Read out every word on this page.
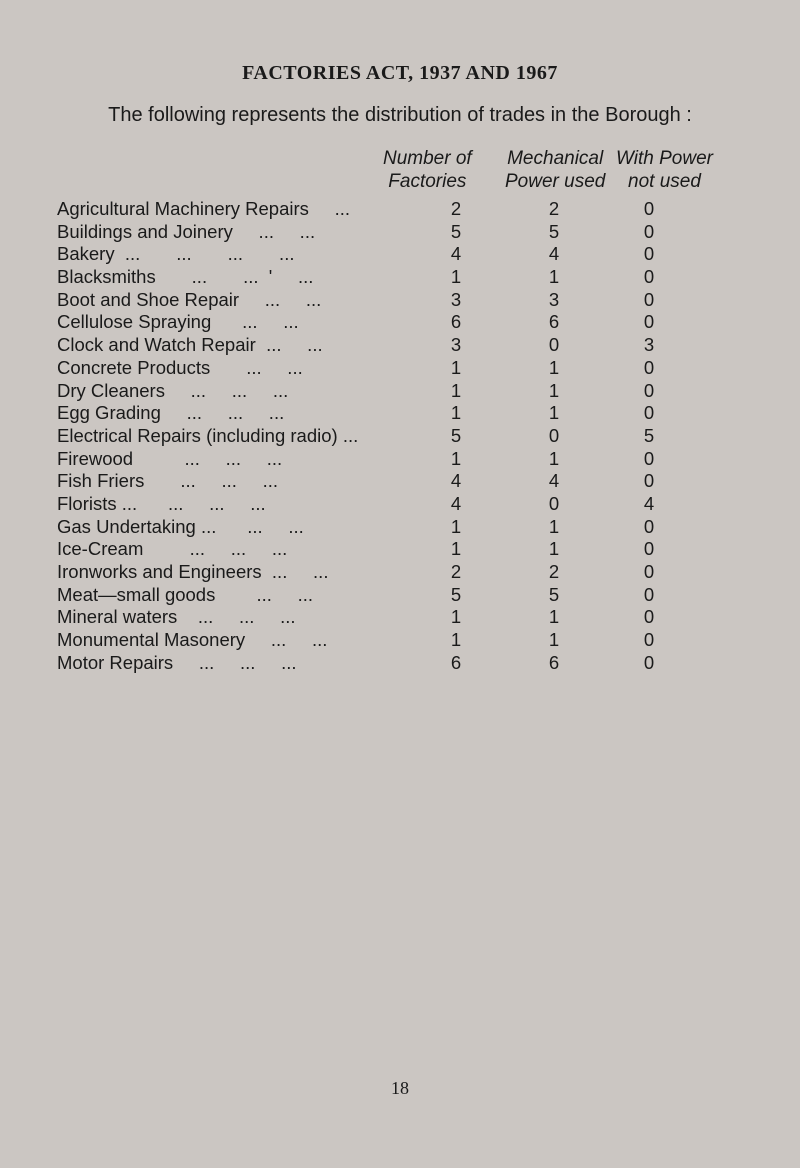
FACTORIES ACT, 1937 AND 1967
The following represents the distribution of trades in the Borough :
Number of
Factories
Mechanical
Power used
With Power
not used
Agricultural Machinery Repairs     ...	2	2	0
Buildings and Joinery     ...     ...	5	5	0
Bakery  ...       ...       ...       ...	4	4	0
Blacksmiths       ...       ...  '     ...	1	1	0
Boot and Shoe Repair     ...     ...	3	3	0
Cellulose Spraying      ...     ...	6	6	0
Clock and Watch Repair  ...     ...	3	0	3
Concrete Products       ...     ...	1	1	0
Dry Cleaners     ...     ...     ...	1	1	0
Egg Grading     ...     ...     ...	1	1	0
Electrical Repairs (including radio) ...	5	0	5
Firewood          ...     ...     ...	1	1	0
Fish Friers       ...     ...     ...	4	4	0
Florists ...      ...     ...     ...	4	0	4
Gas Undertaking ...      ...     ...	1	1	0
Ice-Cream         ...     ...     ...	1	1	0
Ironworks and Engineers  ...     ...	2	2	0
Meat—small goods        ...     ...	5	5	0
Mineral waters    ...     ...     ...	1	1	0
Monumental Masonery     ...     ...	1	1	0
Motor Repairs     ...     ...     ...	6	6	0
18
